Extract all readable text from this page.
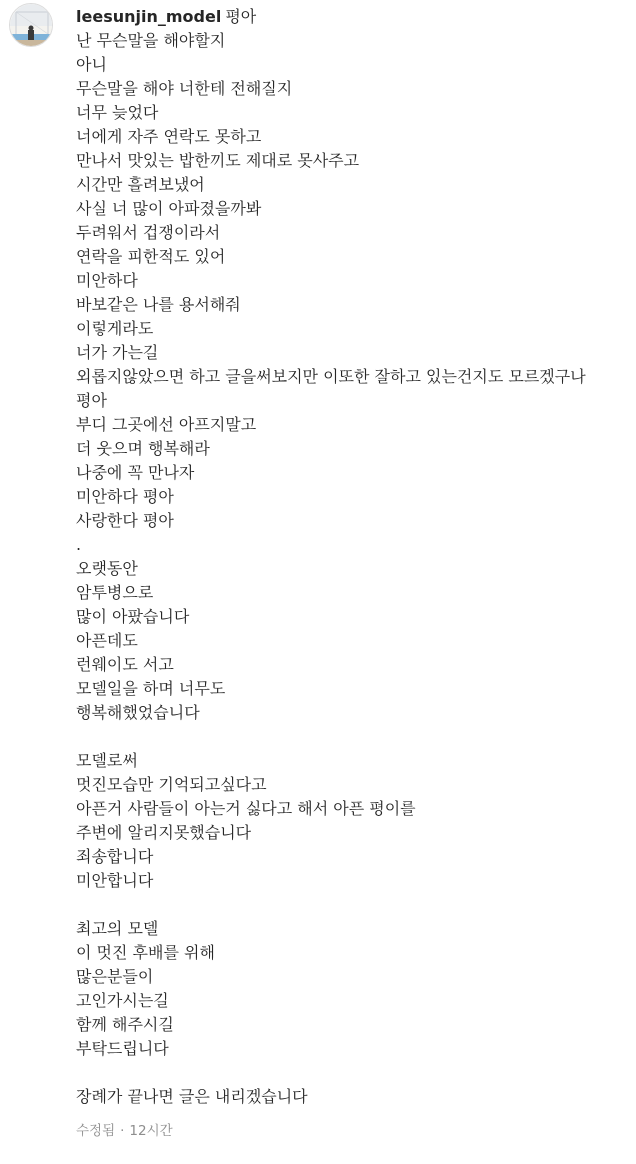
leesunjin_model 평아
난 무슨말을 해야할지
아니
무슨말을 해야 너한테 전해질지
너무 늦었다
너에게 자주 연락도 못하고
만나서 맛있는 밥한끼도 제대로 못사주고
시간만 흘려보냈어
사실 너 많이 아파졌을까봐
두려워서 겁쟁이라서
연락을 피한적도 있어
미안하다
바보같은 나를 용서해줘
이렇게라도
너가 가는길
외롭지않았으면 하고 글을써보지만 이또한 잘하고 있는건지도 모르겠구나
평아
부디 그곳에선 아프지말고
더 웃으며 행복해라
나중에 꼭 만나자
미안하다 평아
사랑한다 평아
.
오랫동안
암투병으로
많이 아팠습니다
아픈데도
런웨이도 서고
모델일을 하며 너무도
행복해했었습니다
모델로써
멋진모습만 기억되고싶다고
아픈거 사람들이 아는거 싫다고 해서 아픈 평이를
주변에 알리지못했습니다
죄송합니다
미안합니다
최고의 모델
이 멋진 후배를 위해
많은분들이
고인가시는길
함께 해주시길
부탁드립니다
장례가 끝나면 글은 내리겠습니다
수정됨 · 12시간
